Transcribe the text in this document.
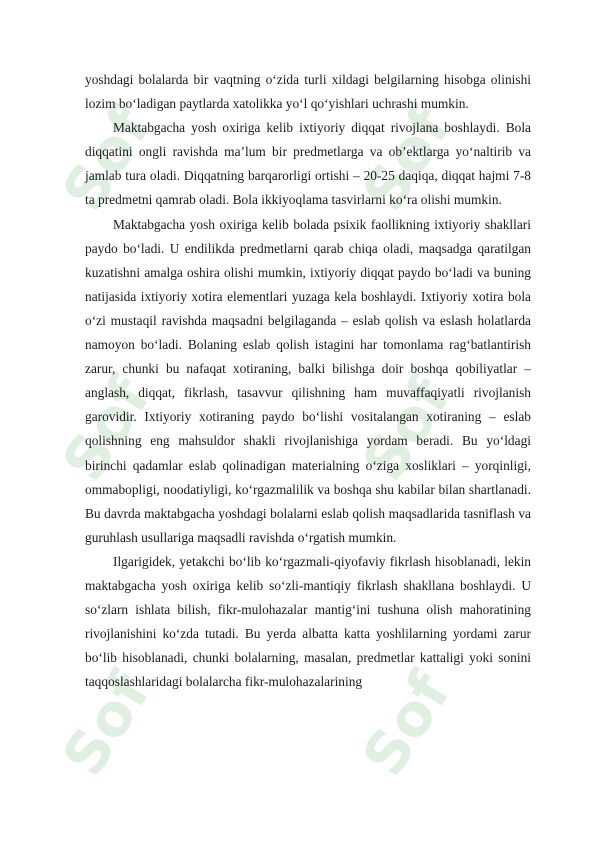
Sof	Sof
Sof	Sof
Sof	Sof

yoshdagi bolalarda bir vaqtning o‘zida turli xildagi belgilarning hisobga olinishi lozim bo‘ladigan paytlarda xatolikka yo‘l qo‘yishlari uchrashi mumkin.

Maktabgacha yosh oxiriga kelib ixtiyoriy diqqat rivojlana boshlaydi. Bola diqqatini ongli ravishda ma’lum bir predmetlarga va ob’ektlarga yo‘naltirib va jamlab tura oladi. Diqqatning barqarorligi ortishi – 20-25 daqiqa, diqqat hajmi 7-8 ta predmetni qamrab oladi. Bola ikkiyoqlama tasvirlarni ko‘ra olishi mumkin.

Maktabgacha yosh oxiriga kelib bolada psixik faollikning ixtiyoriy shakllari paydo bo‘ladi. U endilikda predmetlarni qarab chiqa oladi, maqsadga qaratilgan kuzatishni amalga oshira olishi mumkin, ixtiyoriy diqqat paydo bo‘ladi va buning natijasida ixtiyoriy xotira elementlari yuzaga kela boshlaydi. Ixtiyoriy xotira bola o‘zi mustaqil ravishda maqsadni belgilaganda – eslab qolish va eslash holatlarda namoyon bo‘ladi. Bolaning eslab qolish istagini har tomonlama rag‘batlantirish zarur, chunki bu nafaqat xotiraning, balki bilishga doir boshqa qobiliyatlar – anglash, diqqat, fikrlash, tasavvur qilishning ham muvaffaqiyatli rivojlanish garovidir. Ixtiyoriy xotiraning paydo bo‘lishi vositalangan xotiraning – eslab qolishning eng mahsuldor shakli rivojlanishiga yordam beradi. Bu yo‘ldagi birinchi qadamlar eslab qolinadigan materialning o‘ziga xosliklari – yorqinligi, ommabopligi, noodatiyligi, ko‘rgazmalilik va boshqa shu kabilar bilan shartlanadi. Bu davrda maktabgacha yoshdagi bolalarni eslab qolish maqsadlarida tasniflash va guruhlash usullariga maqsadli ravishda o‘rgatish mumkin.

Ilgarigidek, yetakchi bo‘lib ko‘rgazmali-qiyofaviy fikrlash hisoblanadi, lekin maktabgacha yosh oxiriga kelib so‘zli-mantiqiy fikrlash shakllana boshlaydi. U so‘zlarn ishlata bilish, fikr-mulohazalar mantig‘ini tushuna olish mahoratining rivojlanishini ko‘zda tutadi. Bu yerda albatta katta yoshlilarning yordami zarur bo‘lib hisoblanadi, chunki bolalarning, masalan, predmetlar kattaligi yoki sonini taqqoslashlaridagi bolalarcha fikr-mulohazalarining
